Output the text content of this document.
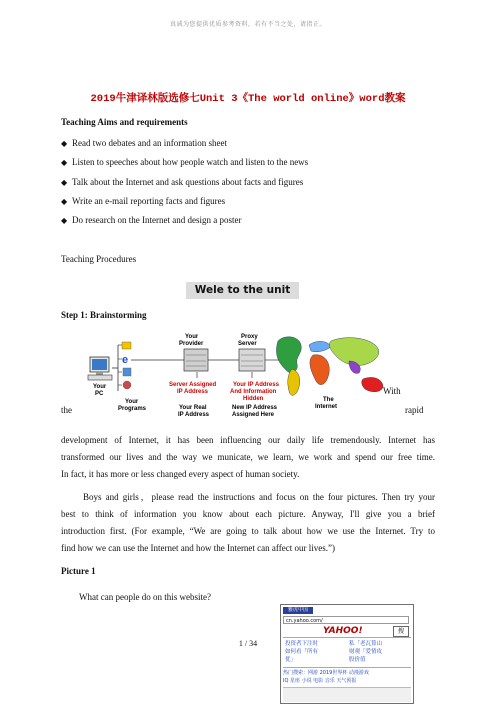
真诚为您提供优质参考资料，若有不当之处，请指正。
2019牛津译林版选修七Unit 3《The world online》word教案
Teaching Aims and requirements
◆ Read two debates and an information sheet
◆ Listen to speeches about how people watch and listen to the news
◆ Talk about the Internet and ask questions about facts and figures
◆ Write an e-mail reporting facts and figures
◆ Do research on the Internet and design a poster
Teaching Procedures
Wele to the unit
Step 1: Brainstorming
Your
PC
e
Your
Programs
Your
Provider
Proxy
Server
Server Assigned
IP Address
Your IP Address
And Information
Hidden
Your Real
IP Address
New IP Address
Assigned Here
The
Internet
With
the	rapid
development of Internet, it has been influencing our daily life tremendously. Internet has
transformed our lives and the way we municate, we learn, we work and spend our free time.
In fact, it has more or less changed every aspect of human society.
Boys and girls，please read the instructions and focus on the four pictures. Then try your
best to think of information you know about each picture. Anyway, I'll give you a brief
introduction first. (For example, “We are going to talk about how we use the Internet. Try to
find how we can use the Internet and how the Internet can affect our lives.”)
Picture 1
What can people do on this website?
雅虎中国
cn.yahoo.com/
YAHOO!	搜
投资者下注时
如何看「所有
优」
私「老瓦算山
财观「爱情攻
股价值
热门搜索：网游 2019世界杯 动漫游戏
IQ 星座 小说 电影 音乐 天气预报
1 / 34
